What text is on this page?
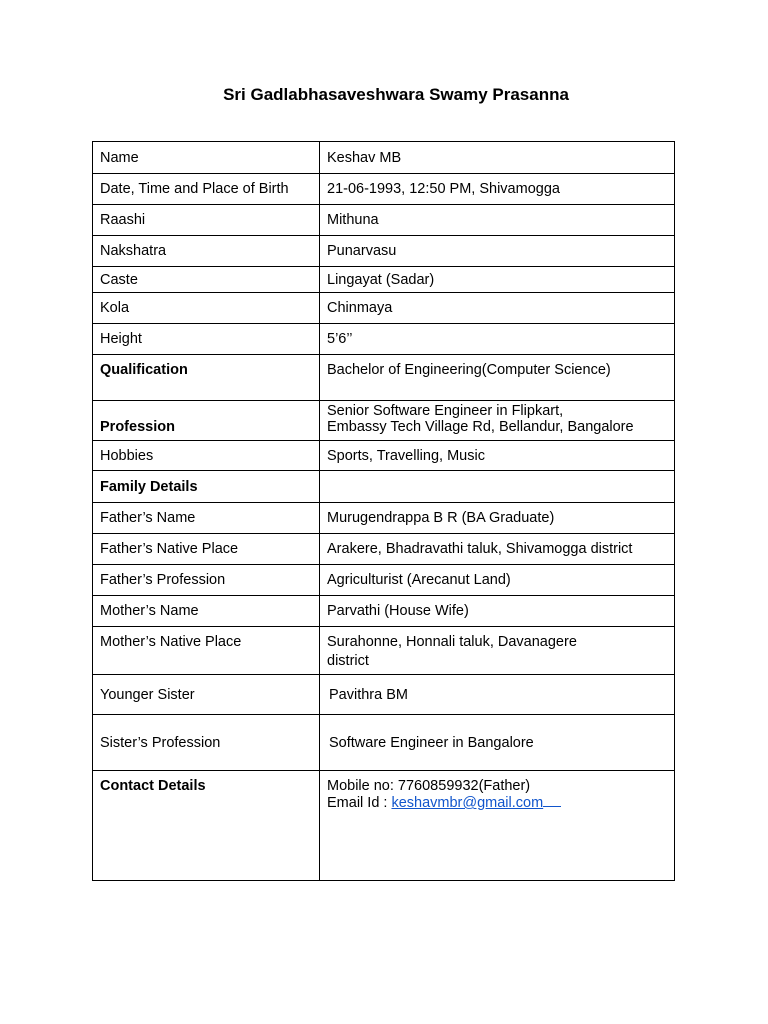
Sri Gadlabhasaveshwara Swamy Prasanna
Name	Keshav MB
Date, Time and Place of Birth	21-06-1993, 12:50 PM, Shivamogga
Raashi	Mithuna
Nakshatra	Punarvasu
Caste	Lingayat (Sadar)
Kola	Chinmaya
Height	5’6’’
Qualification	Bachelor of Engineering(Computer Science)
Profession	Senior Software Engineer in Flipkart,
Embassy Tech Village Rd, Bellandur, Bangalore

Hobbies	Sports, Travelling, Music
Family Details	
Father’s Name	Murugendrappa B R (BA Graduate)
Father’s Native Place	Arakere, Bhadravathi taluk, Shivamogga district
Father’s Profession	Agriculturist (Arecanut Land)
Mother’s Name	Parvathi (House Wife)
Mother’s Native Place	Surahonne, Honnali taluk, Davanagere
district

Younger Sister	Pavithra BM
Sister’s Profession	Software Engineer in Bangalore
Contact Details	Mobile no: 7760859932(Father)
Email Id : keshavmbr@gmail.com
